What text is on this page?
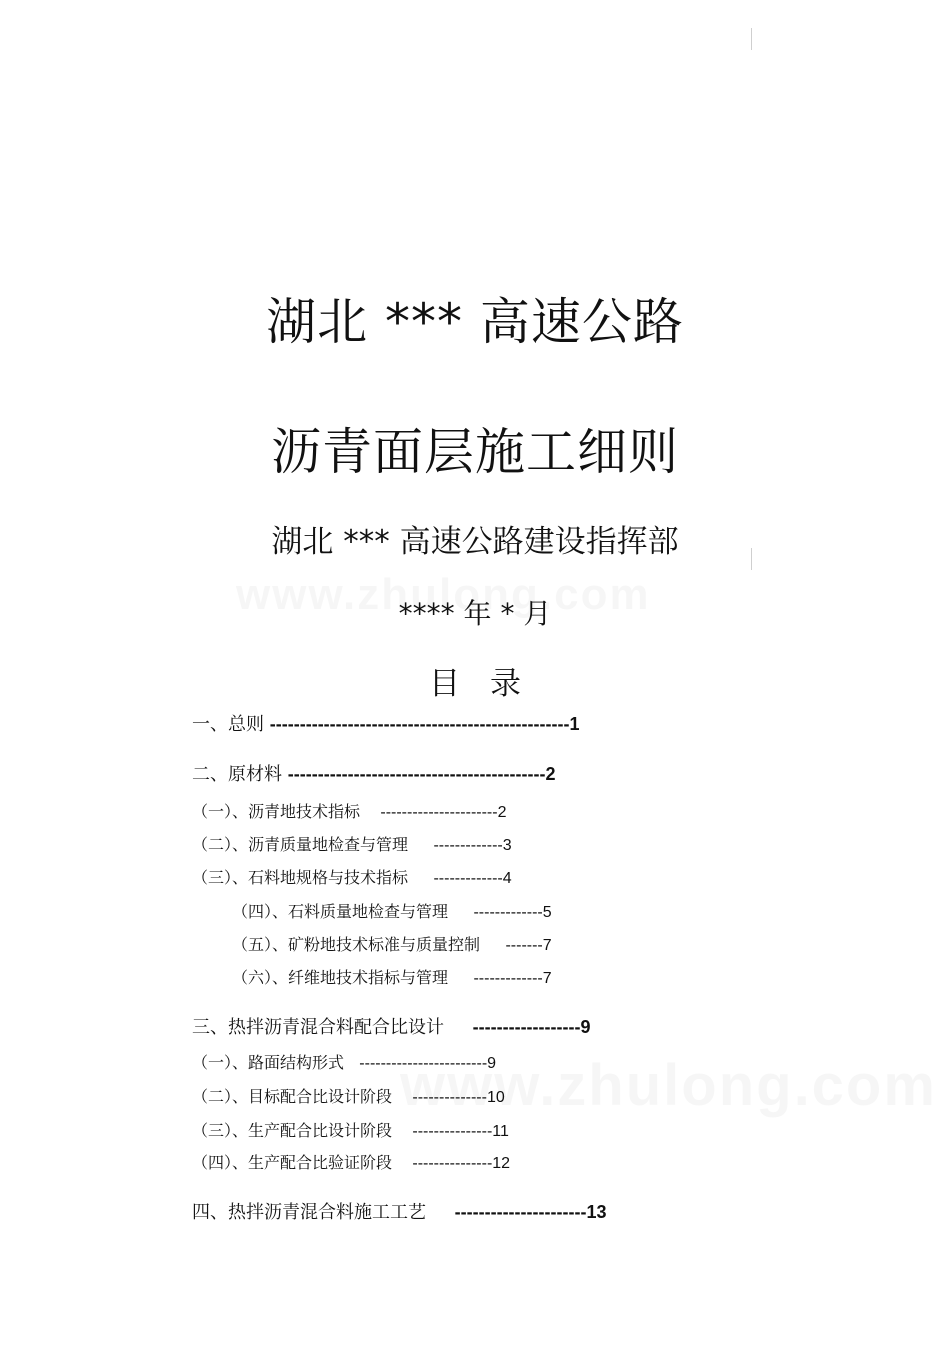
湖北 *** 高速公路
沥青面层施工细则
湖北 *** 高速公路建设指挥部
**** 年 * 月
目录
一、总则 --------------------------------------------------1
二、原材料 -------------------------------------------2
（一）、沥青地技术指标 ----------------------2
（二）、沥青质量地检查与管理 -------------3
（三）、石料地规格与技术指标 -------------4
（四）、石料质量地检查与管理 -------------5
（五）、矿粉地技术标准与质量控制 -------7
（六）、纤维地技术指标与管理 -------------7
三、热拌沥青混合料配合比设计 ------------------9
（一）、路面结构形式 ------------------------9
（二）、目标配合比设计阶段 --------------10
（三）、生产配合比设计阶段 ---------------11
（四）、生产配合比验证阶段 ---------------12
四、热拌沥青混合料施工工艺 ----------------------13
